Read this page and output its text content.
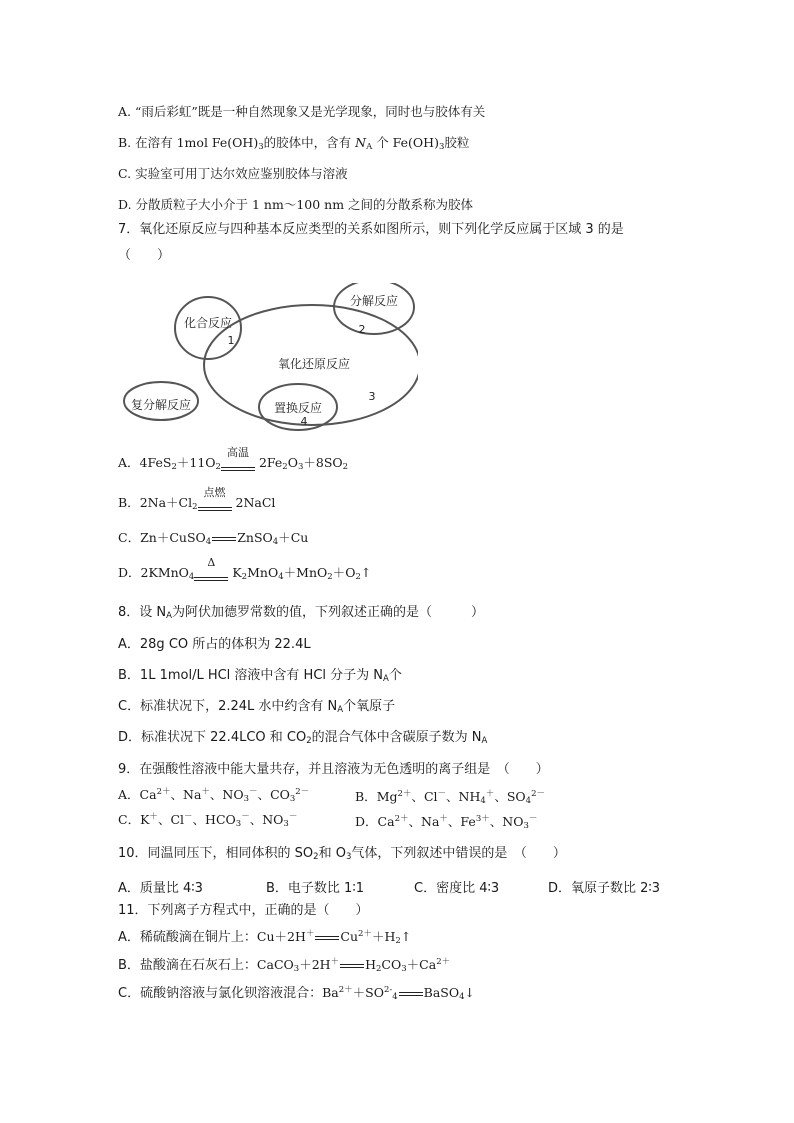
A. “雨后彩虹”既是一种自然现象又是光学现象，同时也与胶体有关
B. 在溶有 1mol $Fe(OH)_3$的胶体中，含有 $N_A$ 个 $Fe(OH)_3$胶粒
C. 实验室可用丁达尔效应鉴别胶体与溶液
D. 分散质粒子大小介于 1 nm～100 nm 之间的分散系称为胶体
7．氧化还原反应与四种基本反应类型的关系如图所示，则下列化学反应属于区域 3 的是
（　　）
化合反应
1
分解反应
2
氧化还原反应
3
复分解反应	置换反应
4
A．$4FeS_2+11O_2$
高温
$2Fe_2O_3+8SO_2$
B．$2Na+Cl_2$
点燃
2NaCl
C．Zn＋CuSO$_4$ ZnSO$_4$＋Cu
D．2KMnO$_4$
Δ
$K_2MnO_4+MnO_2+O_2↑$
8．设 $N_A$为阿伏加德罗常数的值，下列叙述正确的是（　　　）
A．28g CO 所占的体积为 22.4L
B．1L 1mol/L HCl 溶液中含有 HCl 分子为 $N_A$个
C．标准状况下，2.24L 水中约含有 $N_A$个氧原子
D．标准状况下 22.4LCO 和 $CO_2$的混合气体中含碳原子数为 $N_A$
9．在强酸性溶液中能大量共存，并且溶液为无色透明的离子组是　（　　）
A．$Ca^{2+}$、Na＋、$NO_3^-$、$CO_3^{2-}$	B．$Mg^{2+}$、Cl－、$NH_4^+$、$SO_4^{2-}$
C．K＋、Cl－、$HCO_3^-$、$NO_3^-$	D．$Ca^{2+}$、Na＋、$Fe^{3+}$、$NO_3^-$
10．同温同压下，相同体积的 $SO_2$和 $O_3$气体，下列叙述中错误的是　（　　）
A．质量比 4∶3	B．电子数比 1∶1	C．密度比 4∶3	D．氧原子数比 2∶3
11．下列离子方程式中，正确的是（　　）
A．稀硫酸滴在铜片上：Cu＋2H＋ $Cu^{2+}+H_2↑$
B．盐酸滴在石灰石上：CaCO$_3$＋2H＋ $H_2CO_3+Ca^{2+}$
C．硫酸钠溶液与氯化钡溶液混合：$Ba^{2+}+SO^{2-}_4$ BaSO$_4$↓
